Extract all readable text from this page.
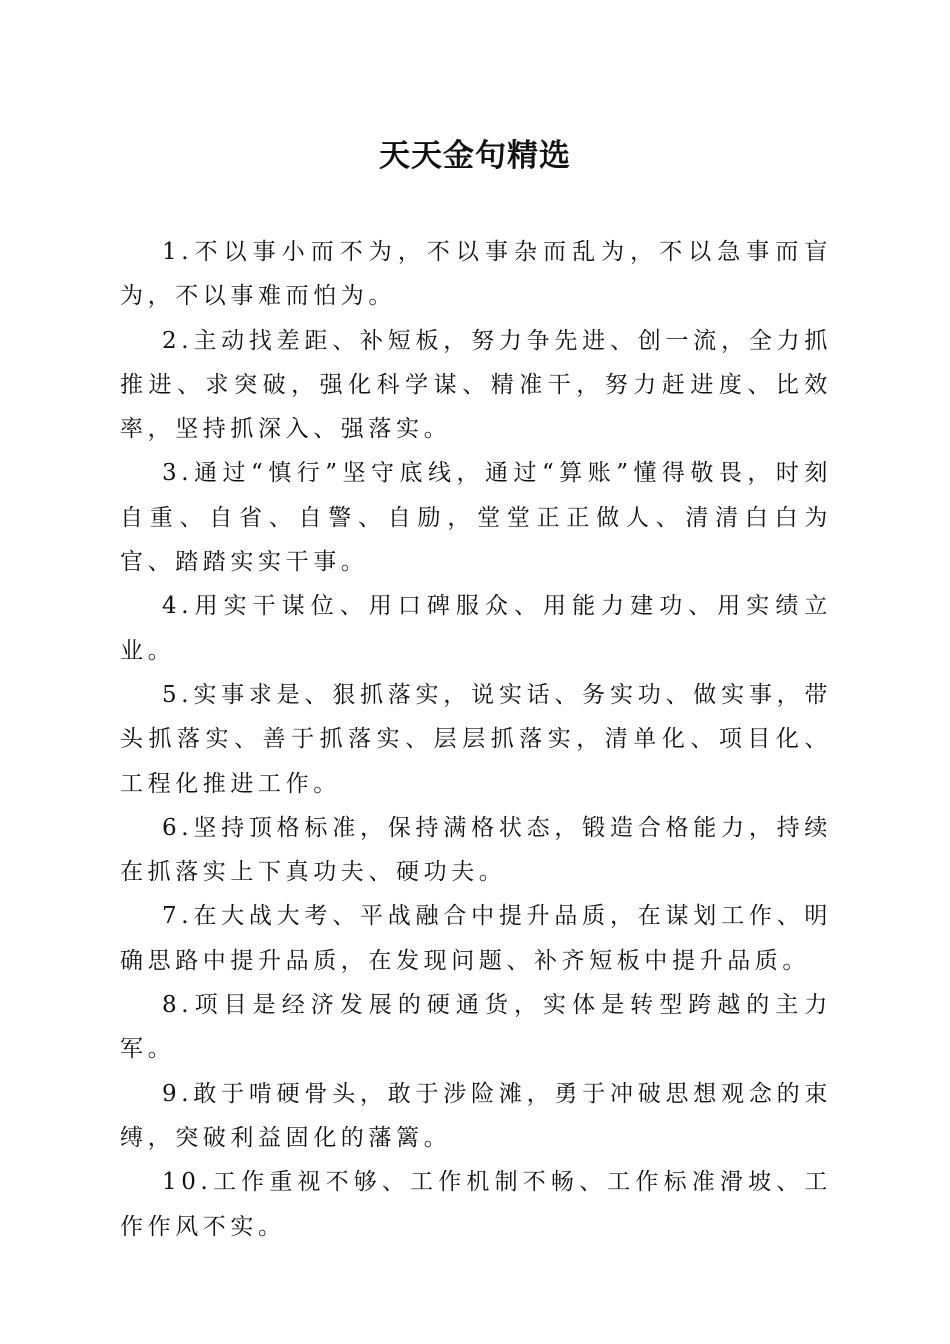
天天金句精选

1.不以事小而不为，不以事杂而乱为，不以急事而盲为，不以事难而怕为。

2.主动找差距、补短板，努力争先进、创一流，全力抓推进、求突破，强化科学谋、精准干，努力赶进度、比效率，坚持抓深入、强落实。

3.通过“慎行”坚守底线，通过“算账”懂得敬畏，时刻自重、自省、自警、自励，堂堂正正做人、清清白白为官、踏踏实实干事。

4.用实干谋位、用口碑服众、用能力建功、用实绩立业。

5.实事求是、狠抓落实，说实话、务实功、做实事，带头抓落实、善于抓落实、层层抓落实，清单化、项目化、工程化推进工作。

6.坚持顶格标准，保持满格状态，锻造合格能力，持续在抓落实上下真功夫、硬功夫。

7.在大战大考、平战融合中提升品质，在谋划工作、明确思路中提升品质，在发现问题、补齐短板中提升品质。

8.项目是经济发展的硬通货，实体是转型跨越的主力军。

9.敢于啃硬骨头，敢于涉险滩，勇于冲破思想观念的束缚，突破利益固化的藩篱。

10.工作重视不够、工作机制不畅、工作标准滑坡、工作作风不实。
